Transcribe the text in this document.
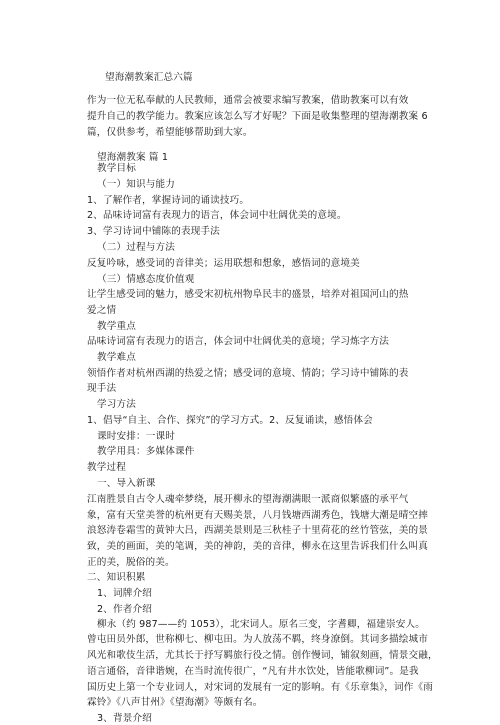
望海潮教案汇总六篇
作为一位无私奉献的人民教师，通常会被要求编写教案，借助教案可以有效
提升自己的教学能力。教案应该怎么写才好呢？下面是收集整理的望海潮教案 6
篇，仅供参考，希望能够帮助到大家。
望海潮教案 篇 1
教学目标
（一）知识与能力
1、了解作者，掌握诗词的诵读技巧。
2、品味诗词富有表现力的语言，体会词中壮阔优美的意境。
3、学习诗词中铺陈的表现手法
（二）过程与方法
反复吟咏，感受词的音律美；运用联想和想象，感悟词的意境美
（三）情感态度价值观
让学生感受词的魅力，感受宋初杭州物阜民丰的盛景，培养对祖国河山的热
爱之情
教学重点
品味诗词富有表现力的语言，体会词中壮阔优美的意境；学习炼字方法
教学难点
领悟作者对杭州西湖的热爱之情；感受词的意境、情韵；学习诗中铺陈的表
现手法
学习方法
1、倡导“自主、合作、探究”的学习方式。2、反复诵读，感悟体会
课时安排：一课时
教学用具：多媒体课件
教学过程
一、导入新课
江南胜景自古令人魂牵梦绕，展开柳永的望海潮满眼一派商似繁盛的承平气
象，富有天堂美誉的杭州更有天赐美景，八月钱塘西湖秀色，钱塘大潮是晴空摔
浪怒涛卷霜雪的黄钟大吕，西湖美景则是三秋桂子十里荷花的丝竹管弦，美的景
致，美的画面，美的笔调，美的神韵，美的音律，柳永在这里告诉我们什么叫真
正的美，脱俗的美。
二、知识积累
1、词牌介绍
2、作者介绍
柳永（约 987——约 1053），北宋词人。原名三变，字耆卿，福建崇安人。
曾屯田员外郎，世称柳七、柳屯田。为人放荡不羁，终身潦倒。其词多描绘城市
风光和歌伎生活，尤其长于抒写羁旅行役之情。创作慢词，铺叙刻画，情景交融，
语言通俗，音律谐婉，在当时流传很广，“凡有井水饮处，皆能歌柳词”。是我
国历史上第一个专业词人，对宋词的发展有一定的影响。有《乐章集》，词作《雨
霖铃》《八声甘州》《望海潮》等颇有名。
3、背景介绍
